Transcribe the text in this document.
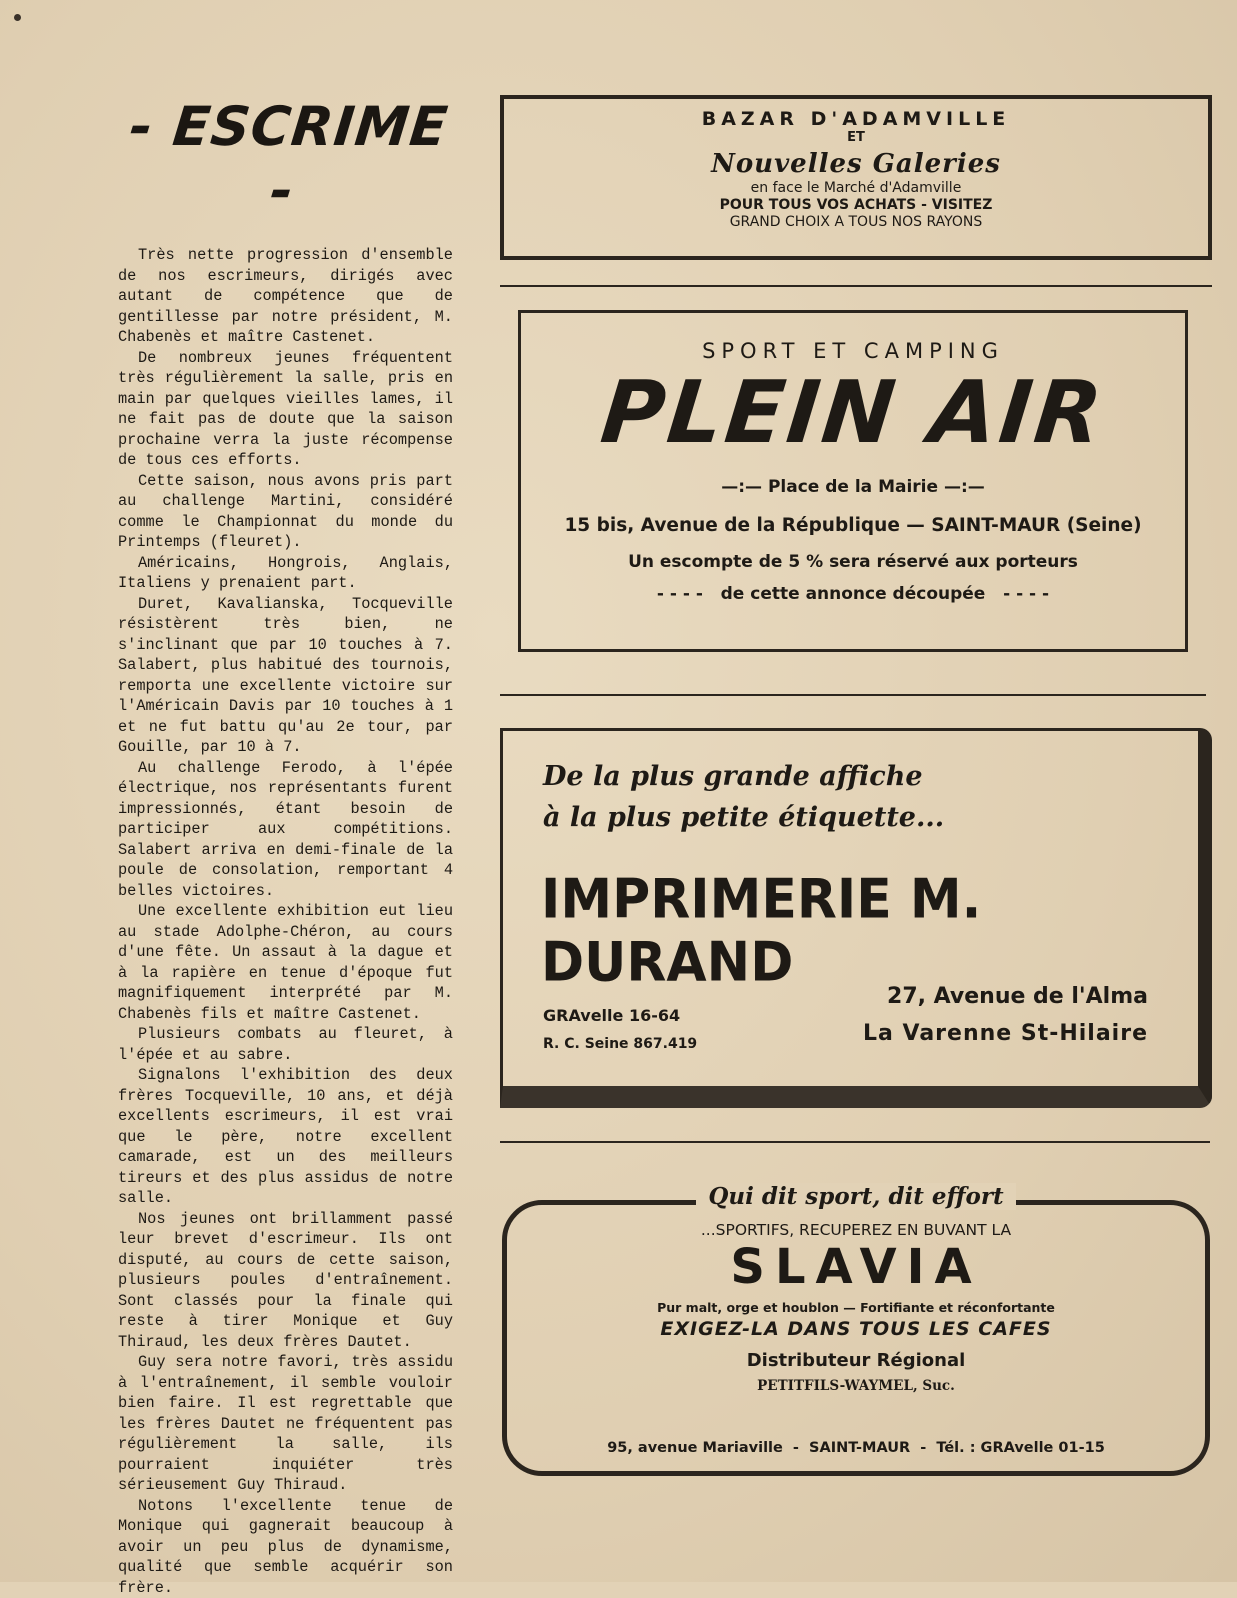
- ESCRIME -

Très nette progression d'ensemble de nos escrimeurs, dirigés avec autant de compétence que de gentillesse par notre président, M. Chabenès et maître Castenet.

De nombreux jeunes fréquentent très régulièrement la salle, pris en main par quelques vieilles lames, il ne fait pas de doute que la saison prochaine verra la juste récompense de tous ces efforts.

Cette saison, nous avons pris part au challenge Martini, considéré comme le Championnat du monde du Printemps (fleuret).

Américains, Hongrois, Anglais, Italiens y prenaient part.

Duret, Kavalianska, Tocqueville résistèrent très bien, ne s'inclinant que par 10 touches à 7. Salabert, plus habitué des tournois, remporta une excellente victoire sur l'Américain Davis par 10 touches à 1 et ne fut battu qu'au 2e tour, par Gouille, par 10 à 7.

Au challenge Ferodo, à l'épée électrique, nos représentants furent impressionnés, étant besoin de participer aux compétitions. Salabert arriva en demi-finale de la poule de consolation, remportant 4 belles victoires.

Une excellente exhibition eut lieu au stade Adolphe-Chéron, au cours d'une fête. Un assaut à la dague et à la rapière en tenue d'époque fut magnifiquement interprété par M. Chabenès fils et maître Castenet.

Plusieurs combats au fleuret, à l'épée et au sabre.

Signalons l'exhibition des deux frères Tocqueville, 10 ans, et déjà excellents escrimeurs, il est vrai que le père, notre excellent camarade, est un des meilleurs tireurs et des plus assidus de notre salle.

Nos jeunes ont brillamment passé leur brevet d'escrimeur. Ils ont disputé, au cours de cette saison, plusieurs poules d'entraînement. Sont classés pour la finale qui reste à tirer Monique et Guy Thiraud, les deux frères Dautet.

Guy sera notre favori, très assidu à l'entraînement, il semble vouloir bien faire. Il est regrettable que les frères Dautet ne fréquentent pas régulièrement la salle, ils pourraient inquiéter très sérieusement Guy Thiraud.

Notons l'excellente tenue de Monique qui gagnerait beaucoup à avoir un peu plus de dynamisme, qualité que semble acquérir son frère.

BAZAR D'ADAMVILLE
ET
Nouvelles Galeries
en face le Marché d'Adamville
POUR TOUS VOS ACHATS - VISITEZ
GRAND CHOIX A TOUS NOS RAYONS
SPORT ET CAMPING
PLEIN AIR
—:— Place de la Mairie —:—
15 bis, Avenue de la République — SAINT-MAUR (Seine)
Un escompte de 5 % sera réservé aux porteurs
- - - -   de cette annonce découpée   - - - -
De la plus grande affiche
à la plus petite étiquette...
IMPRIMERIE M. DURAND
GRAvelle 16-64
R. C. Seine 867.419
27, Avenue de l'Alma
La Varenne St-Hilaire
Qui dit sport, dit effort
...SPORTIFS, RECUPEREZ EN BUVANT LA
SLAVIA
Pur malt, orge et houblon — Fortifiante et réconfortante
EXIGEZ-LA DANS TOUS LES CAFES
Distributeur Régional
PETITFILS-WAYMEL, Suc.
95, avenue Mariaville  -  SAINT-MAUR  -  Tél. : GRAvelle 01-15
